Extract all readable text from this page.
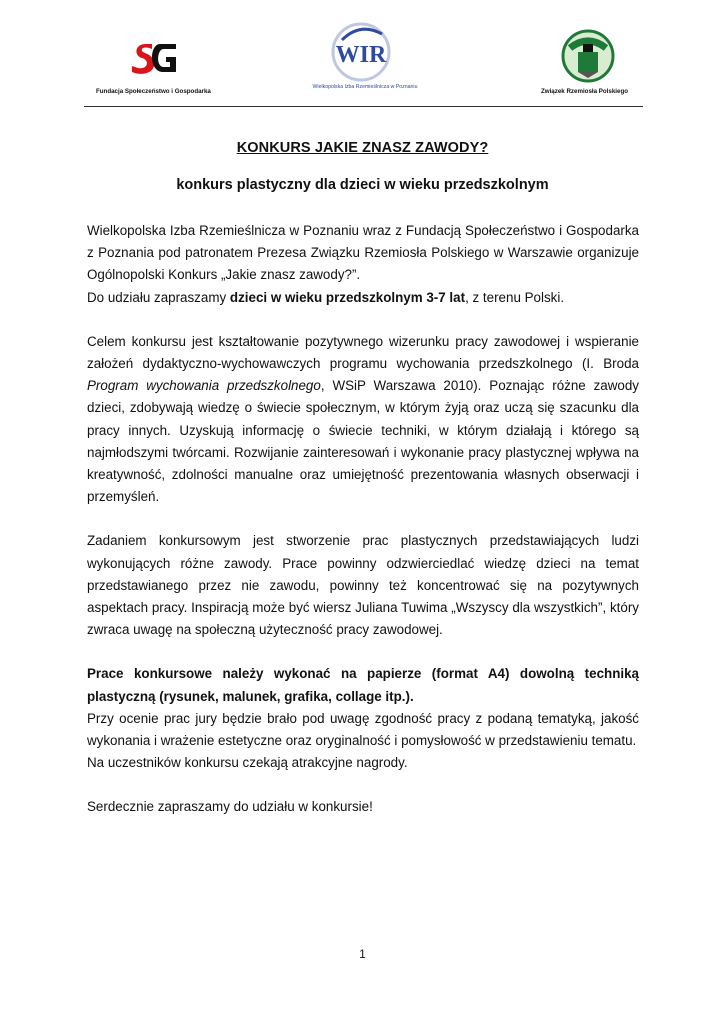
WIR
Fundacja Społeczeństwo i Gospodarka
Wielkopolska Izba Rzemieślnicza w Poznaniu
Związek Rzemiosła Polskiego
KONKURS JAKIE ZNASZ ZAWODY?
konkurs plastyczny dla dzieci w wieku przedszkolnym

Wielkopolska Izba Rzemieślnicza w Poznaniu wraz z Fundacją Społeczeństwo i Gospodarka z Poznania pod patronatem Prezesa Związku Rzemiosła Polskiego w Warszawie organizuje Ogólnopolski Konkurs „Jakie znasz zawody?”.

Do udziału zapraszamy dzieci w wieku przedszkolnym 3-7 lat, z terenu Polski.

Celem konkursu jest kształtowanie pozytywnego wizerunku pracy zawodowej i wspieranie założeń dydaktyczno-wychowawczych programu wychowania przedszkolnego (I. Broda Program wychowania przedszkolnego, WSiP Warszawa 2010). Poznając różne zawody dzieci, zdobywają wiedzę o świecie społecznym, w którym żyją oraz uczą się szacunku dla pracy innych. Uzyskują informację o świecie techniki, w którym działają i którego są najmłodszymi twórcami. Rozwijanie zainteresowań i wykonanie pracy plastycznej wpływa na kreatywność, zdolności manualne oraz umiejętność prezentowania własnych obserwacji i przemyśleń.

Zadaniem konkursowym jest stworzenie prac plastycznych przedstawiających ludzi wykonujących różne zawody. Prace powinny odzwierciedlać wiedzę dzieci na temat przedstawianego przez nie zawodu, powinny też koncentrować się na pozytywnych aspektach pracy. Inspiracją może być wiersz Juliana Tuwima „Wszyscy dla wszystkich”, który zwraca uwagę na społeczną użyteczność pracy zawodowej.

Prace konkursowe należy wykonać na papierze (format A4) dowolną techniką plastyczną (rysunek, malunek, grafika, collage itp.).

Przy ocenie prac jury będzie brało pod uwagę zgodność pracy z podaną tematyką, jakość wykonania i wrażenie estetyczne oraz oryginalność i pomysłowość w przedstawieniu tematu.

Na uczestników konkursu czekają atrakcyjne nagrody.

Serdecznie zapraszamy do udziału w konkursie!

1
